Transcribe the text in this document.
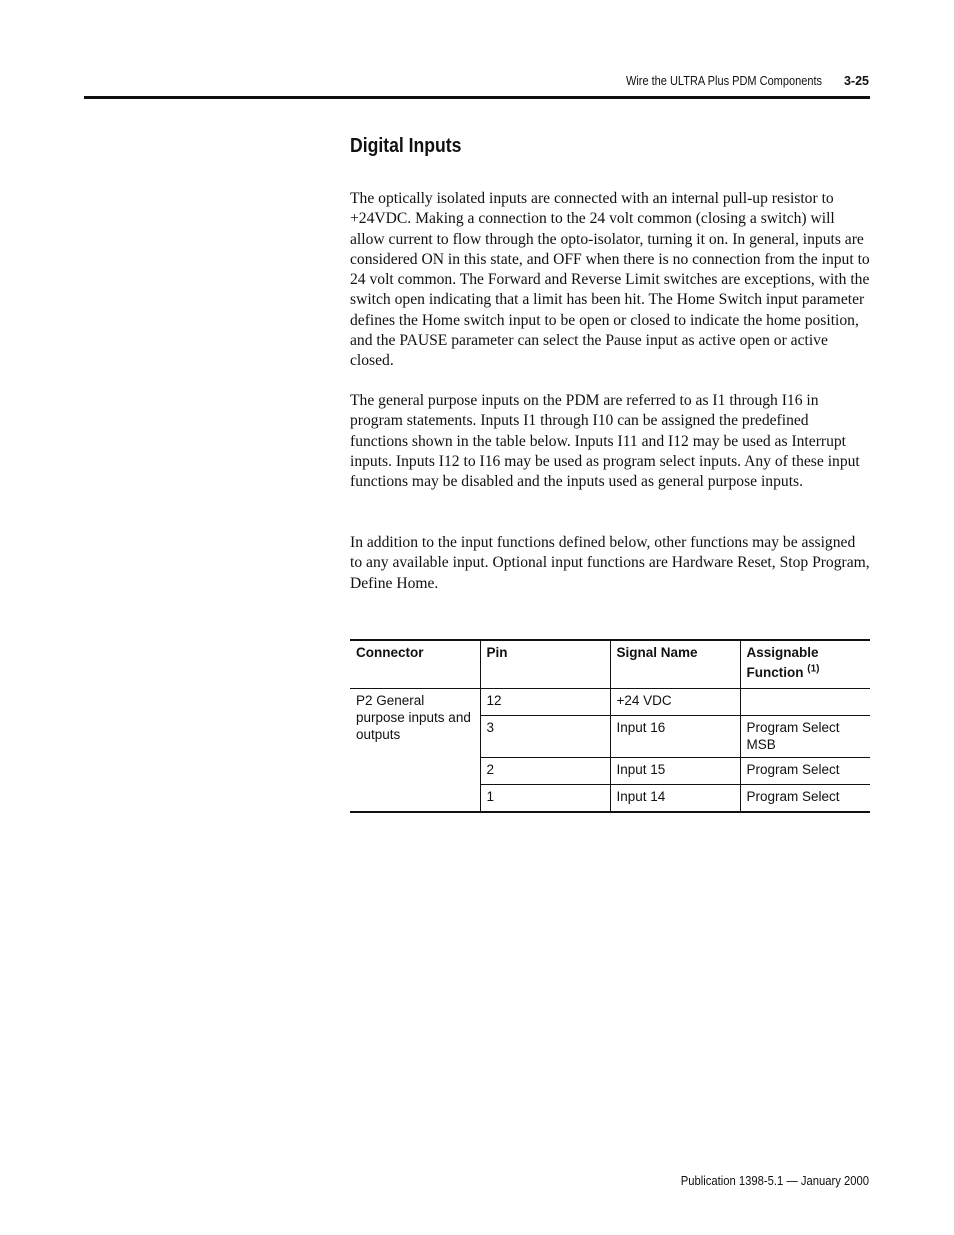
Wire the ULTRA Plus PDM Components	3-25
Digital Inputs

The optically isolated inputs are connected with an internal pull-up resistor to +24VDC. Making a connection to the 24 volt common (closing a switch) will allow current to flow through the opto-isolator, turning it on. In general, inputs are considered ON in this state, and OFF when there is no connection from the input to 24 volt common. The Forward and Reverse Limit switches are exceptions, with the switch open indicating that a limit has been hit. The Home Switch input parameter defines the Home switch input to be open or closed to indicate the home position, and the PAUSE parameter can select the Pause input as active open or active closed.

The general purpose inputs on the PDM are referred to as I1 through I16 in program statements. Inputs I1 through I10 can be assigned the predefined functions shown in the table below. Inputs I11 and I12 may be used as Interrupt inputs. Inputs I12 to I16 may be used as program select inputs. Any of these input functions may be disabled and the inputs used as general purpose inputs.

In addition to the input functions defined below, other functions may be assigned to any available input. Optional input functions are Hardware Reset, Stop Program, Define Home.

Connector	Pin	Signal Name	Assignable Function $^{(1)}$
P2 General purpose inputs and outputs	12	+24 VDC	
	3	Input 16	Program Select MSB
	2	Input 15	Program Select
	1	Input 14	Program Select
Publication 1398-5.1 — January 2000
